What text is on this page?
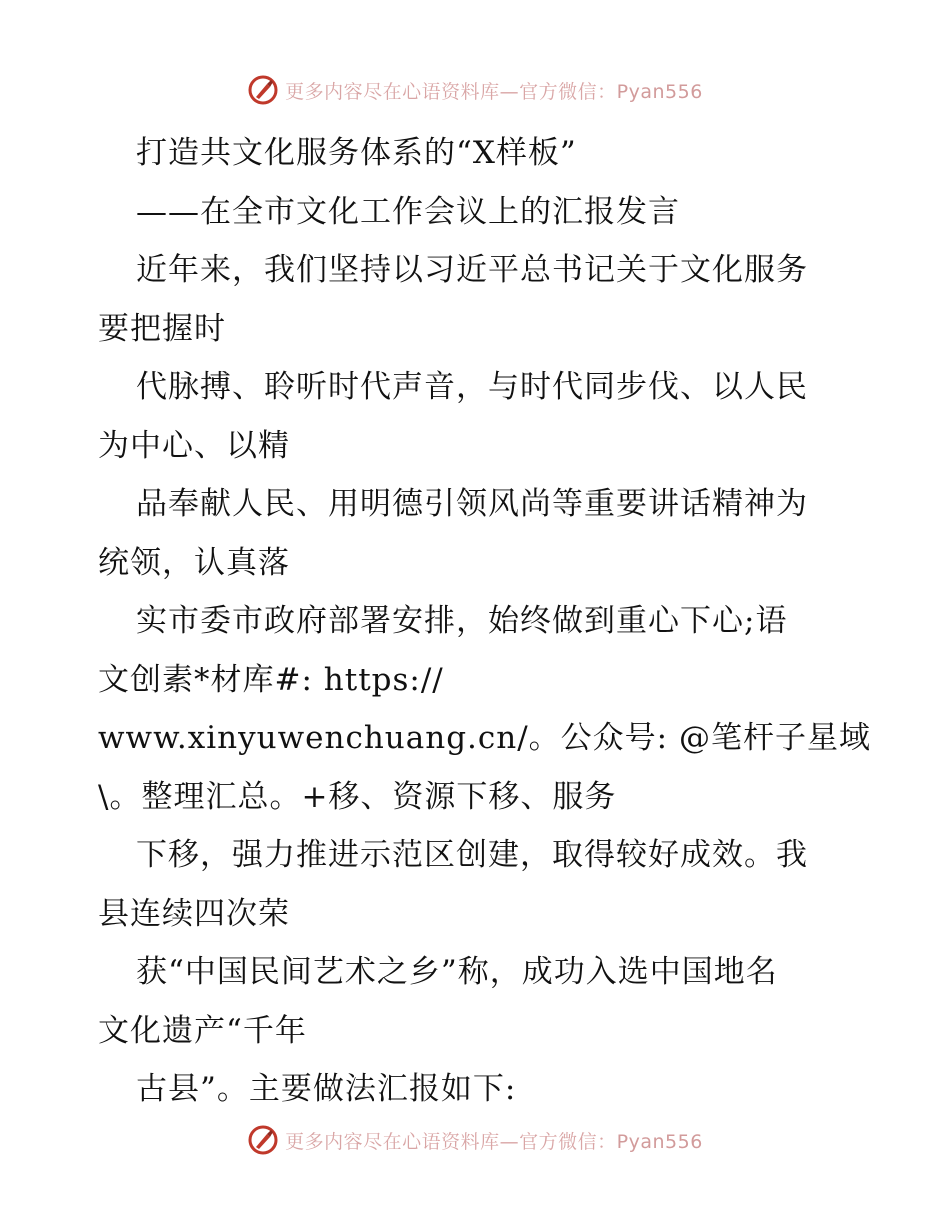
更多内容尽在心语资料库—官方微信：Pyan556
打造共文化服务体系的“X样板”
——在全市文化工作会议上的汇报发言
近年来，我们坚持以习近平总书记关于文化服务
要把握时
代脉搏、聆听时代声音，与时代同步伐、以人民
为中心、以精
品奉献人民、用明德引领风尚等重要讲话精神为
统领，认真落
实市委市政府部署安排，始终做到重心下心;语
文创素*材库#: https://
www.xinyuwenchuang.cn/。公众号: @笔杆子星域
\。整理汇总。+移、资源下移、服务
下移，强力推进示范区创建，取得较好成效。我
县连续四次荣
获“中国民间艺术之乡”称，成功入选中国地名
文化遗产“千年
古县”。主要做法汇报如下:
更多内容尽在心语资料库—官方微信：Pyan556
